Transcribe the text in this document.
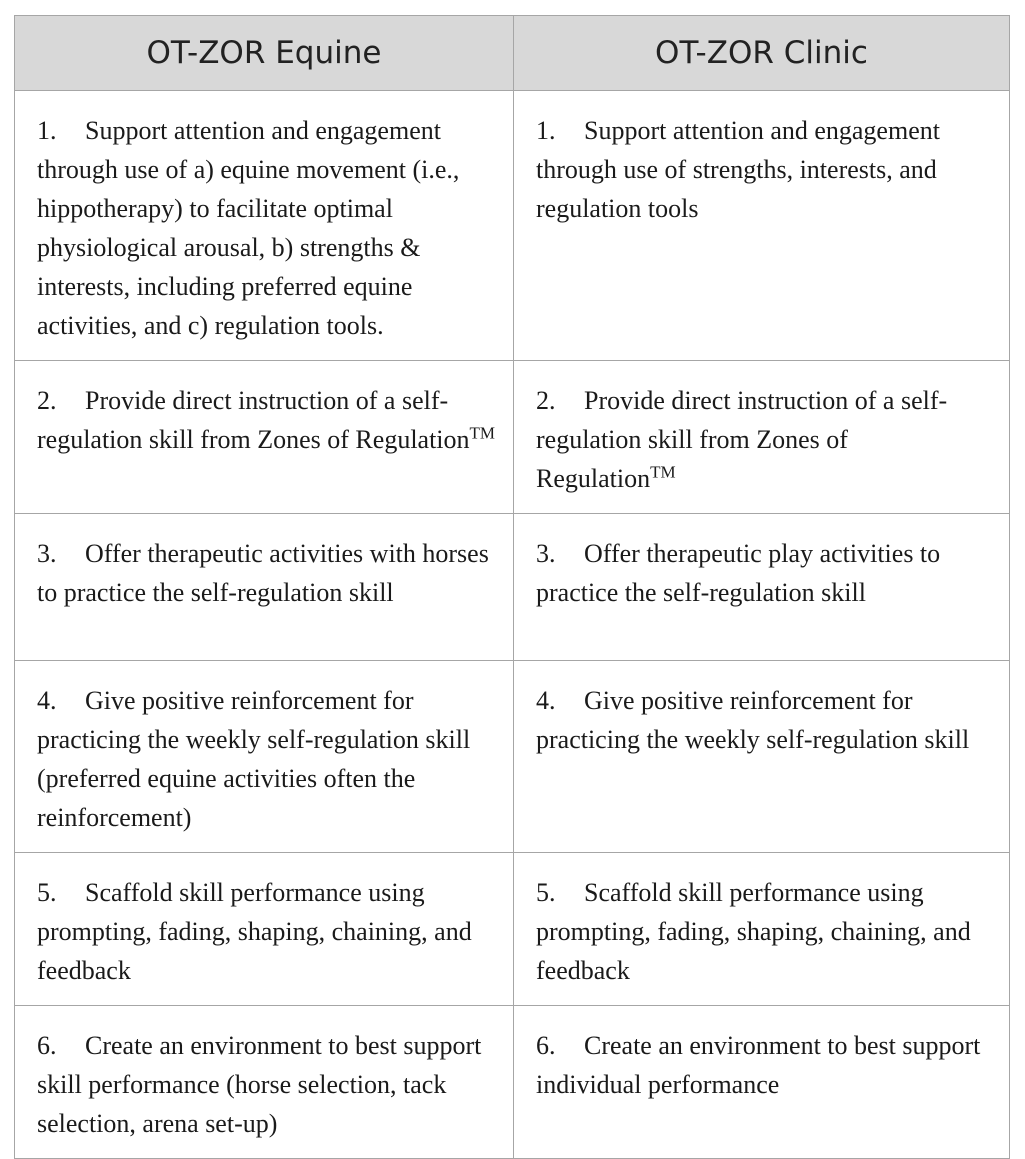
OT-ZOR Equine	OT-ZOR Clinic
1. Support attention and engagement through use of a) equine movement (i.e., hippotherapy) to facilitate optimal physiological arousal, b) strengths & interests, including preferred equine activities, and c) regulation tools.	1. Support attention and engagement through use of strengths, interests, and regulation tools
2. Provide direct instruction of a self-regulation skill from Zones of Regulation™	2. Provide direct instruction of a self-regulation skill from Zones of Regulation™
3. Offer therapeutic activities with horses to practice the self-regulation skill	3. Offer therapeutic play activities to practice the self-regulation skill
4. Give positive reinforcement for practicing the weekly self-regulation skill (preferred equine activities often the reinforcement)	4. Give positive reinforcement for practicing the weekly self-regulation skill
5. Scaffold skill performance using prompting, fading, shaping, chaining, and feedback	5. Scaffold skill performance using prompting, fading, shaping, chaining, and feedback
6. Create an environment to best support skill performance (horse selection, tack selection, arena set-up)	6. Create an environment to best support individual performance
